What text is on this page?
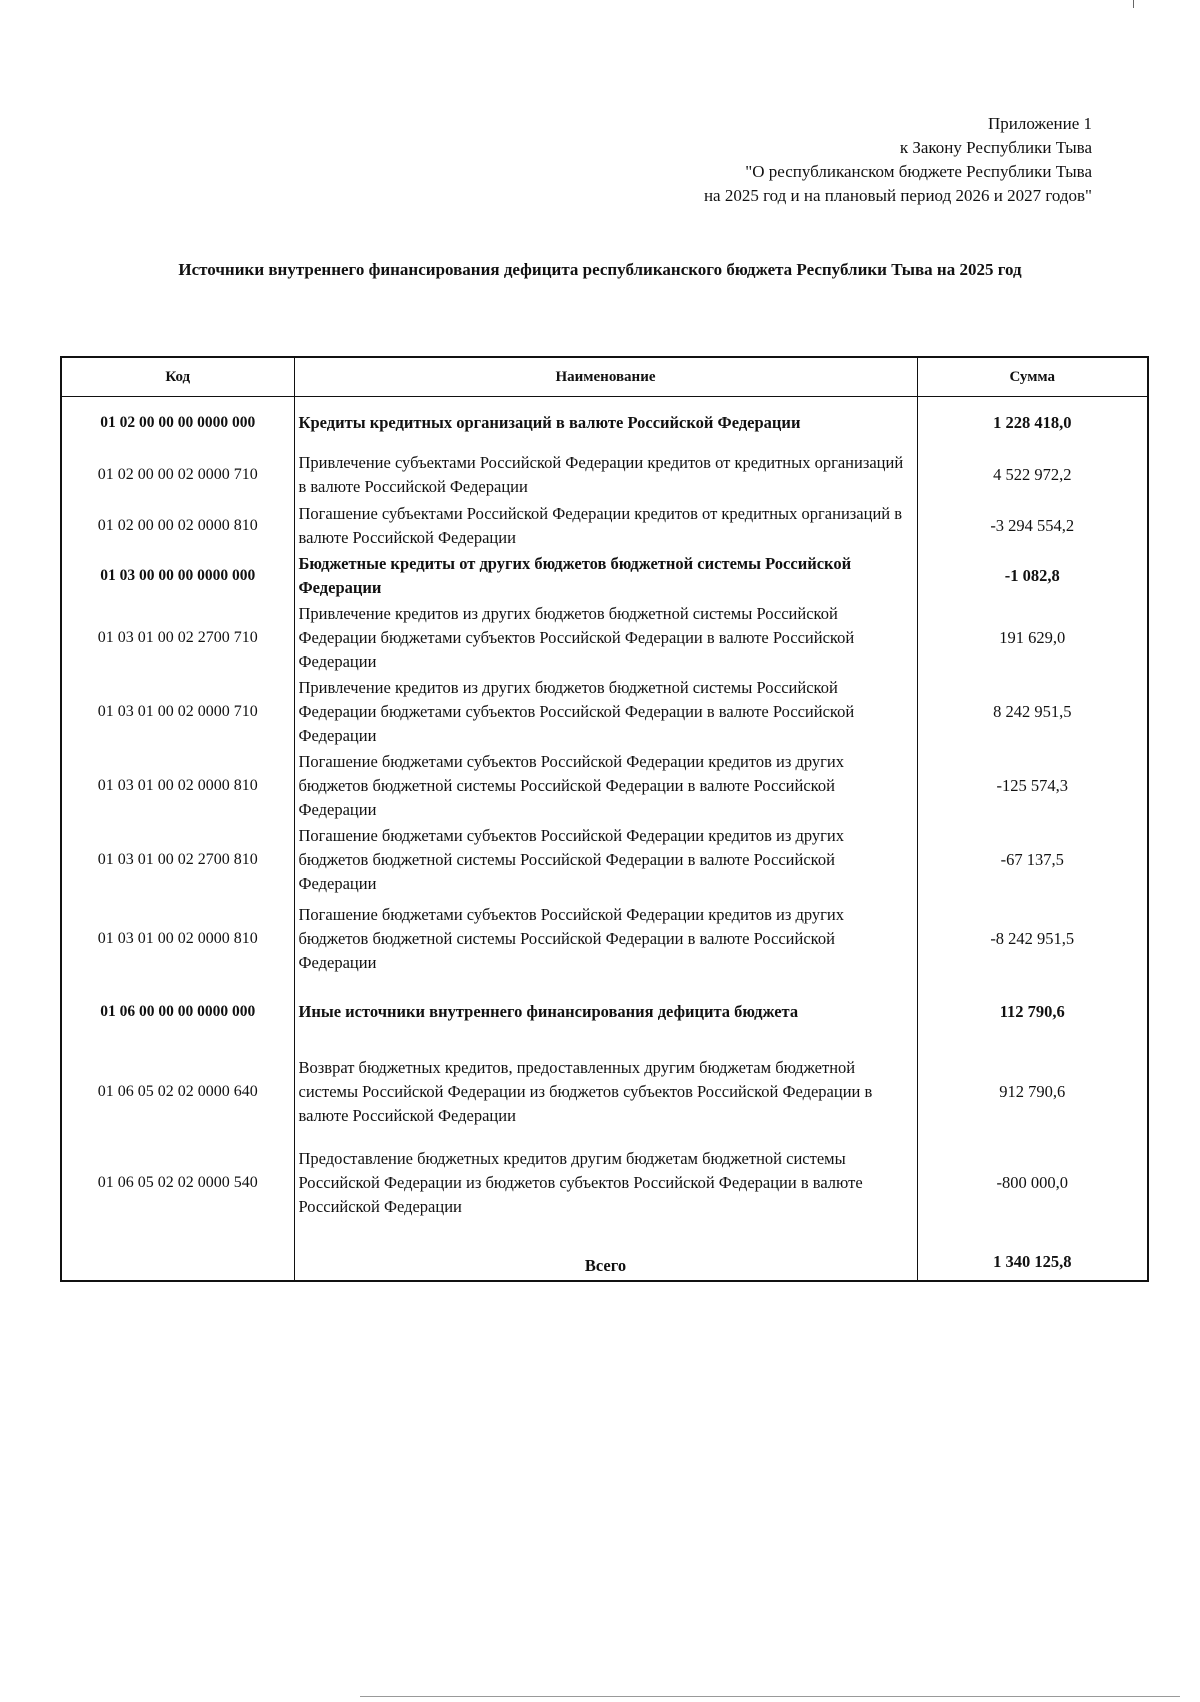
Приложение 1
к Закону Республики Тыва
"О республиканском бюджете Республики Тыва
на 2025 год и на плановый период 2026 и 2027 годов"
Источники внутреннего финансирования дефицита республиканского бюджета Республики Тыва на 2025 год
Код	Наименование	Сумма
01 02 00 00 00 0000 000	Кредиты кредитных организаций в валюте Российской Федерации	1 228 418,0
01 02 00 00 02 0000 710	Привлечение субъектами Российской Федерации кредитов от кредитных организаций в валюте Российской Федерации	4 522 972,2
01 02 00 00 02 0000 810	Погашение субъектами Российской Федерации кредитов от кредитных организаций в валюте Российской Федерации	-3 294 554,2
01 03 00 00 00 0000 000	Бюджетные кредиты от других бюджетов бюджетной системы Российской Федерации	-1 082,8
01 03 01 00 02 2700 710	Привлечение кредитов из других бюджетов бюджетной системы Российской Федерации бюджетами субъектов Российской Федерации в валюте Российской Федерации	191 629,0
01 03 01 00 02 0000 710	Привлечение кредитов из других бюджетов бюджетной системы Российской Федерации бюджетами субъектов Российской Федерации в валюте Российской Федерации	8 242 951,5
01 03 01 00 02 0000 810	Погашение бюджетами субъектов Российской Федерации кредитов из других бюджетов бюджетной системы Российской Федерации в валюте Российской Федерации	-125 574,3
01 03 01 00 02 2700 810	Погашение бюджетами субъектов Российской Федерации кредитов из других бюджетов бюджетной системы Российской Федерации в валюте Российской Федерации	-67 137,5
01 03 01 00 02 0000 810	Погашение бюджетами субъектов Российской Федерации кредитов из других бюджетов бюджетной системы Российской Федерации в валюте Российской Федерации	-8 242 951,5
01 06 00 00 00 0000 000	Иные источники внутреннего финансирования дефицита бюджета	112 790,6
01 06 05 02 02 0000 640	Возврат бюджетных кредитов, предоставленных другим бюджетам бюджетной системы Российской Федерации из бюджетов субъектов Российской Федерации в валюте Российской Федерации	912 790,6
01 06 05 02 02 0000 540	Предоставление бюджетных кредитов другим бюджетам бюджетной системы Российской Федерации из бюджетов субъектов Российской Федерации в валюте Российской Федерации	-800 000,0
	Всего	1 340 125,8
